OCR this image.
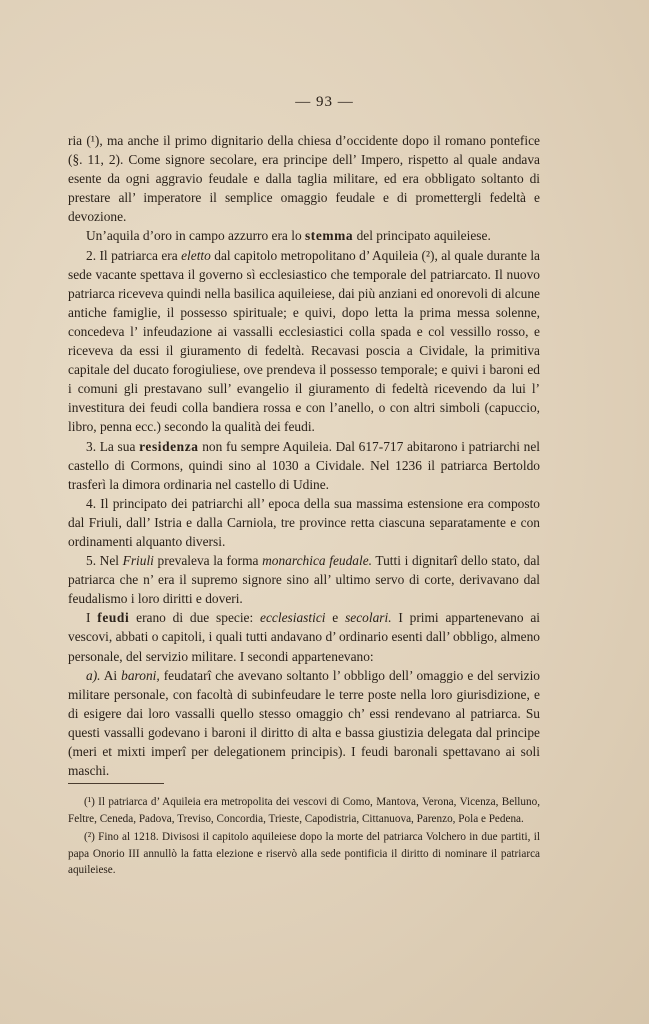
— 93 —

ria (¹), ma anche il primo dignitario della chiesa d’occidente dopo il romano pontefice (§. 11, 2). Come signore secolare, era principe dell’ Impero, rispetto al quale andava esente da ogni aggravio feudale e dalla taglia militare, ed era obbligato soltanto di prestare all’ imperatore il semplice omaggio feudale e di promettergli fedeltà e devozione.

Un’aquila d’oro in campo azzurro era lo stemma del principato aquileiese.

2. Il patriarca era eletto dal capitolo metropolitano d’ Aquileia (²), al quale durante la sede vacante spettava il governo sì ecclesiastico che temporale del patriarcato. Il nuovo patriarca riceveva quindi nella basilica aquileiese, dai più anziani ed onorevoli di alcune antiche famiglie, il possesso spirituale; e quivi, dopo letta la prima messa solenne, concedeva l’ infeudazione ai vassalli ecclesiastici colla spada e col vessillo rosso, e riceveva da essi il giuramento di fedeltà. Recavasi poscia a Cividale, la primitiva capitale del ducato forogiuliese, ove prendeva il possesso temporale; e quivi i baroni ed i comuni gli prestavano sull’ evangelio il giuramento di fedeltà ricevendo da lui l’ investitura dei feudi colla bandiera rossa e con l’anello, o con altri simboli (capuccio, libro, penna ecc.) secondo la qualità dei feudi.

3. La sua residenza non fu sempre Aquileia. Dal 617-717 abitarono i patriarchi nel castello di Cormons, quindi sino al 1030 a Cividale. Nel 1236 il patriarca Bertoldo trasferì la dimora ordinaria nel castello di Udine.

4. Il principato dei patriarchi all’ epoca della sua massima estensione era composto dal Friuli, dall’ Istria e dalla Carniola, tre province retta ciascuna separatamente e con ordinamenti alquanto diversi.

5. Nel Friuli prevaleva la forma monarchica feudale. Tutti i dignitarî dello stato, dal patriarca che n’ era il supremo signore sino all’ ultimo servo di corte, derivavano dal feudalismo i loro diritti e doveri.

I feudi erano di due specie: ecclesiastici e secolari. I primi appartenevano ai vescovi, abbati o capitoli, i quali tutti andavano d’ ordinario esenti dall’ obbligo, almeno personale, del servizio militare. I secondi appartenevano:

a). Ai baroni, feudatarî che avevano soltanto l’ obbligo dell’ omaggio e del servizio militare personale, con facoltà di subinfeudare le terre poste nella loro giurisdizione, e di esigere dai loro vassalli quello stesso omaggio ch’ essi rendevano al patriarca. Su questi vassalli godevano i baroni il diritto di alta e bassa giustizia delegata dal principe (meri et mixti imperî per delegationem principis). I feudi baronali spettavano ai soli maschi.

(¹) Il patriarca d’ Aquileia era metropolita dei vescovi di Como, Mantova, Verona, Vicenza, Belluno, Feltre, Ceneda, Padova, Treviso, Concordia, Trieste, Capodistria, Cittanuova, Parenzo, Pola e Pedena.

(²) Fino al 1218. Divisosi il capitolo aquileiese dopo la morte del patriarca Volchero in due partiti, il papa Onorio III annullò la fatta elezione e riservò alla sede pontificia il diritto di nominare il patriarca aquileiese.
